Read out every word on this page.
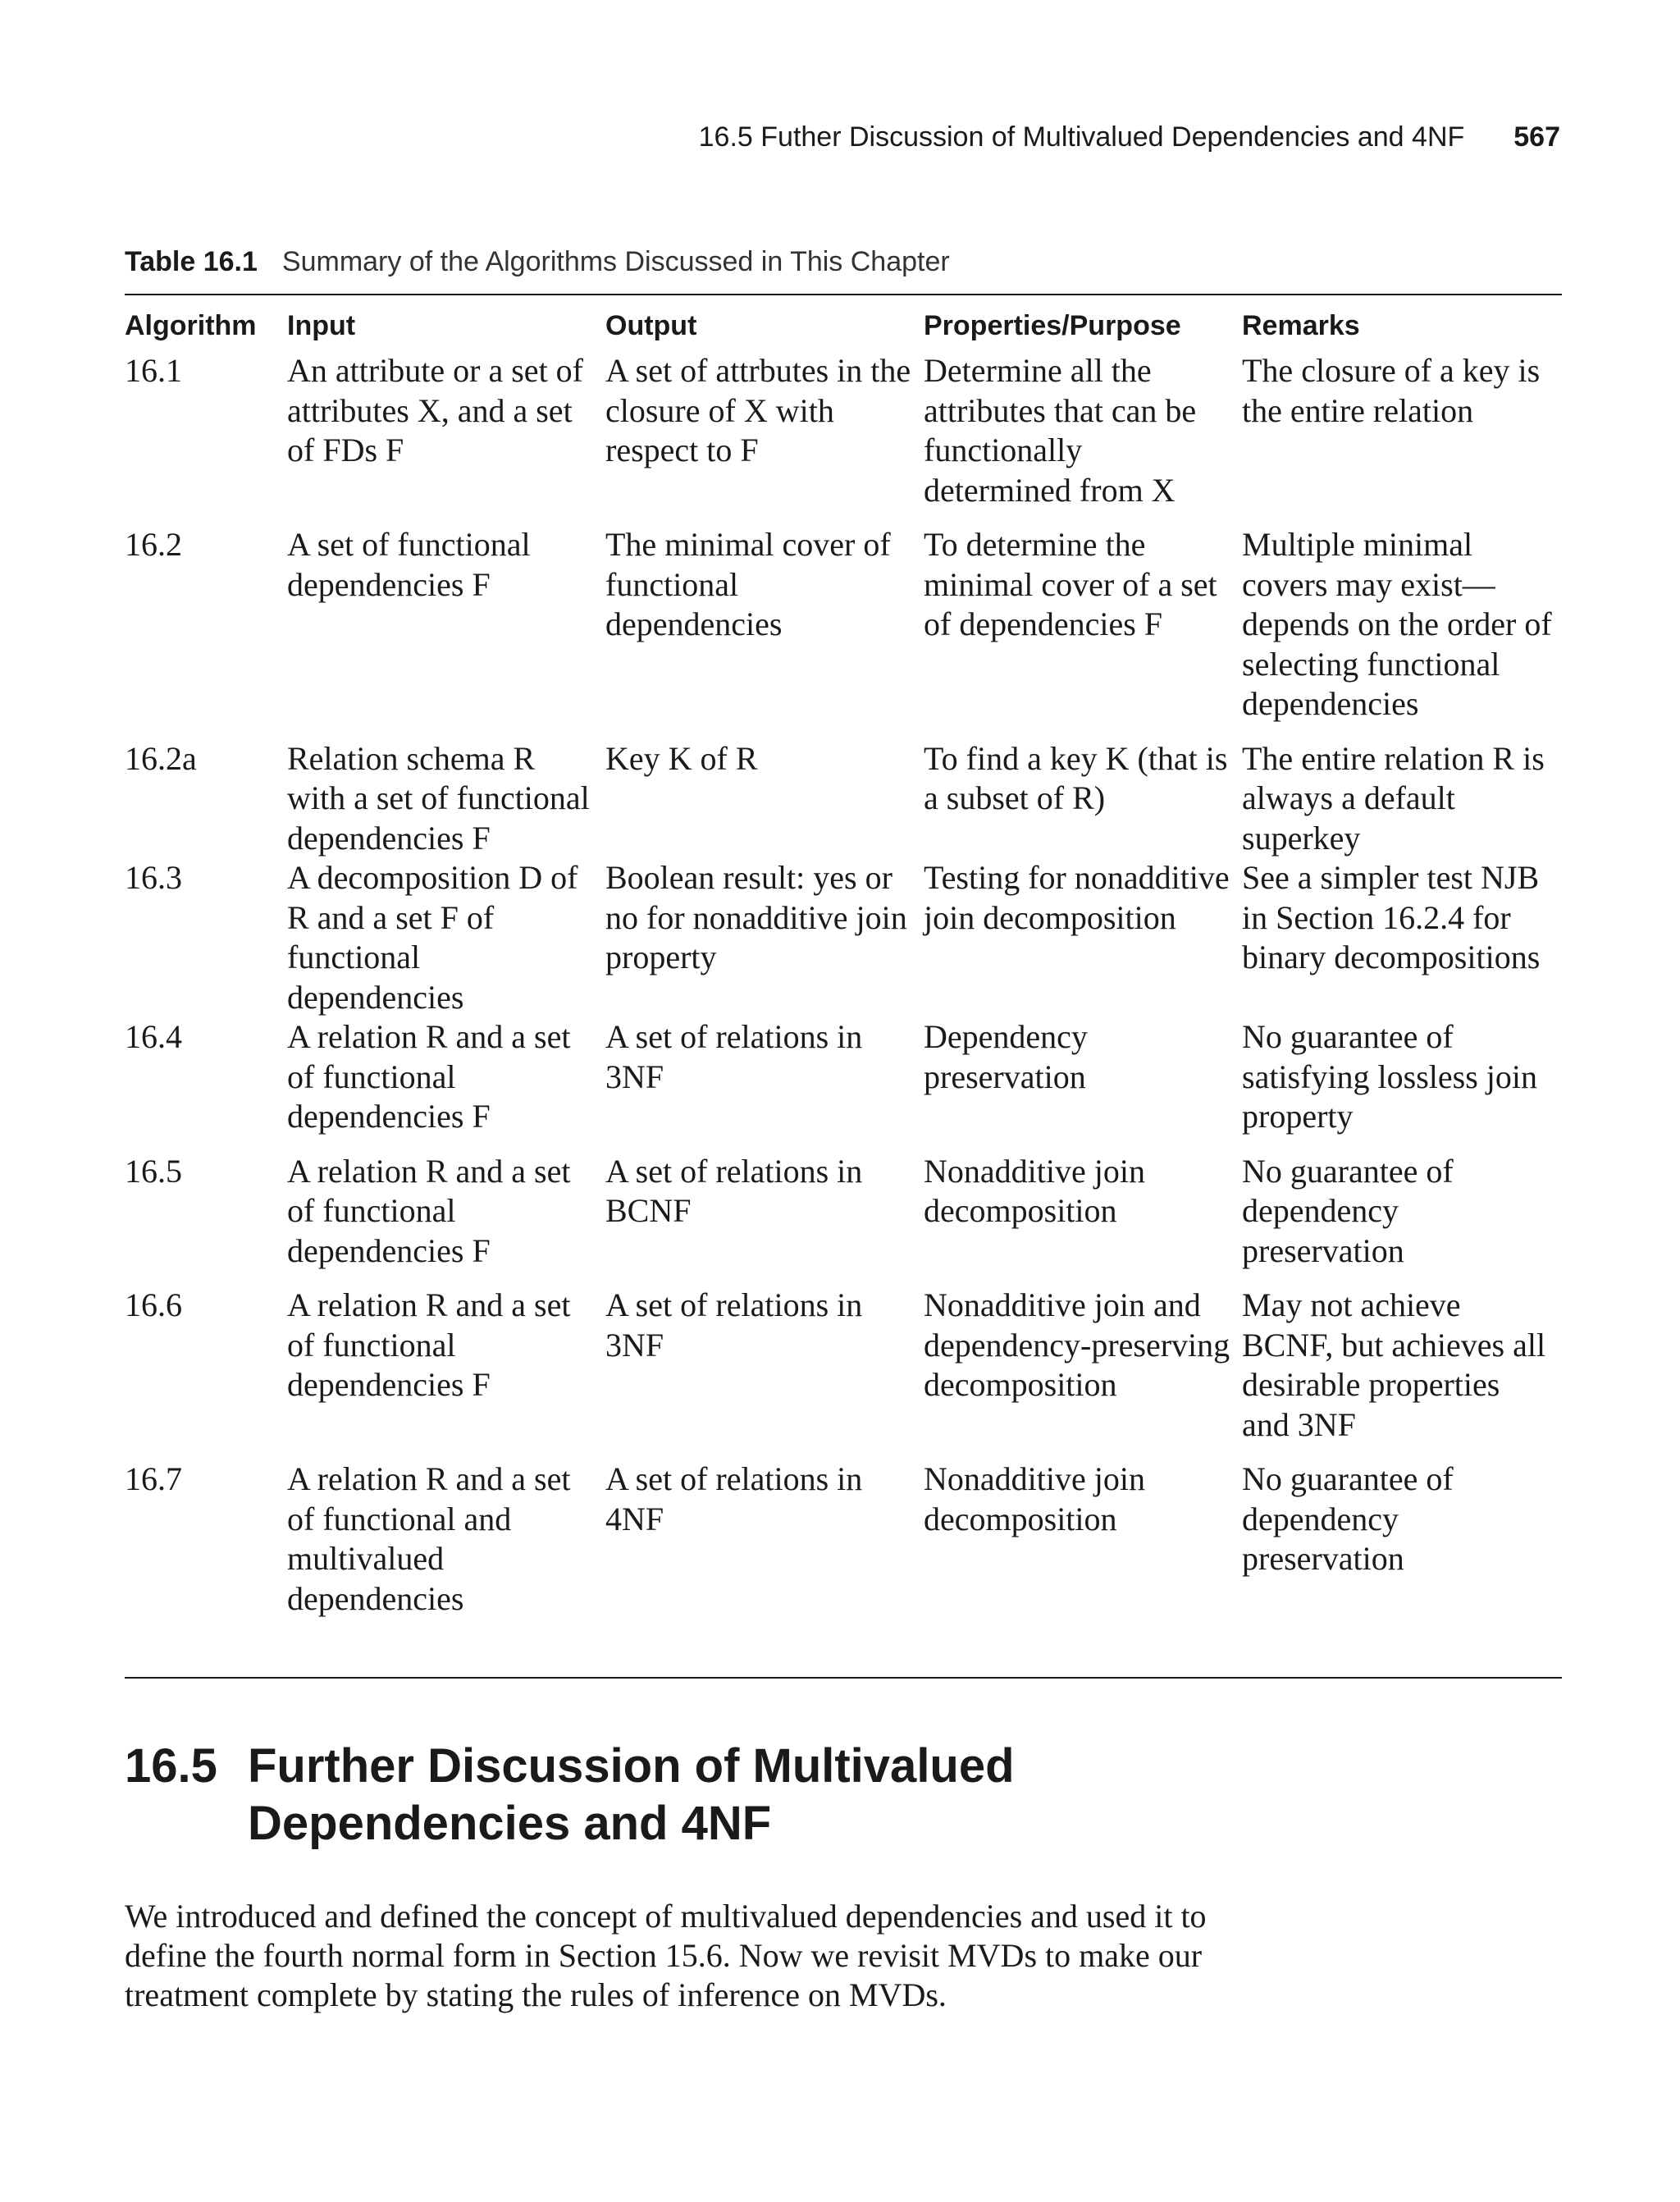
16.5 Futher Discussion of Multivalued Dependencies and 4NF 567
Table 16.1 Summary of the Algorithms Discussed in This Chapter
Algorithm	Input	Output	Properties/Purpose	Remarks
16.1	An attribute or a set of attributes X, and a set of FDs F	A set of attrbutes in the closure of X with respect to F	Determine all the attributes that can be functionally determined from X	The closure of a key is the entire relation
16.2	A set of functional dependencies F	The minimal cover of functional dependencies	To determine the minimal cover of a set of dependencies F	Multiple minimal covers may exist— depends on the order of selecting functional dependencies
16.2a	Relation schema R with a set of functional dependencies F	Key K of R	To find a key K (that is a subset of R)	The entire relation R is always a default superkey
16.3	A decomposition D of R and a set F of functional dependencies	Boolean result: yes or no for nonadditive join property	Testing for nonadditive join decomposition	See a simpler test NJB in Section 16.2.4 for binary decompositions
16.4	A relation R and a set of functional dependencies F	A set of relations in 3NF	Dependency preservation	No guarantee of satisfying lossless join property
16.5	A relation R and a set of functional dependencies F	A set of relations in BCNF	Nonadditive join decomposition	No guarantee of dependency preservation
16.6	A relation R and a set of functional dependencies F	A set of relations in 3NF	Nonadditive join and dependency-preserving decomposition	May not achieve BCNF, but achieves all desirable properties and 3NF
16.7	A relation R and a set of functional and multivalued dependencies	A set of relations in 4NF	Nonadditive join decomposition	No guarantee of dependency preservation
16.5 Further Discussion of Multivalued
Dependencies and 4NF

We introduced and defined the concept of multivalued dependencies and used it to define the fourth normal form in Section 15.6. Now we revisit MVDs to make our treatment complete by stating the rules of inference on MVDs.
